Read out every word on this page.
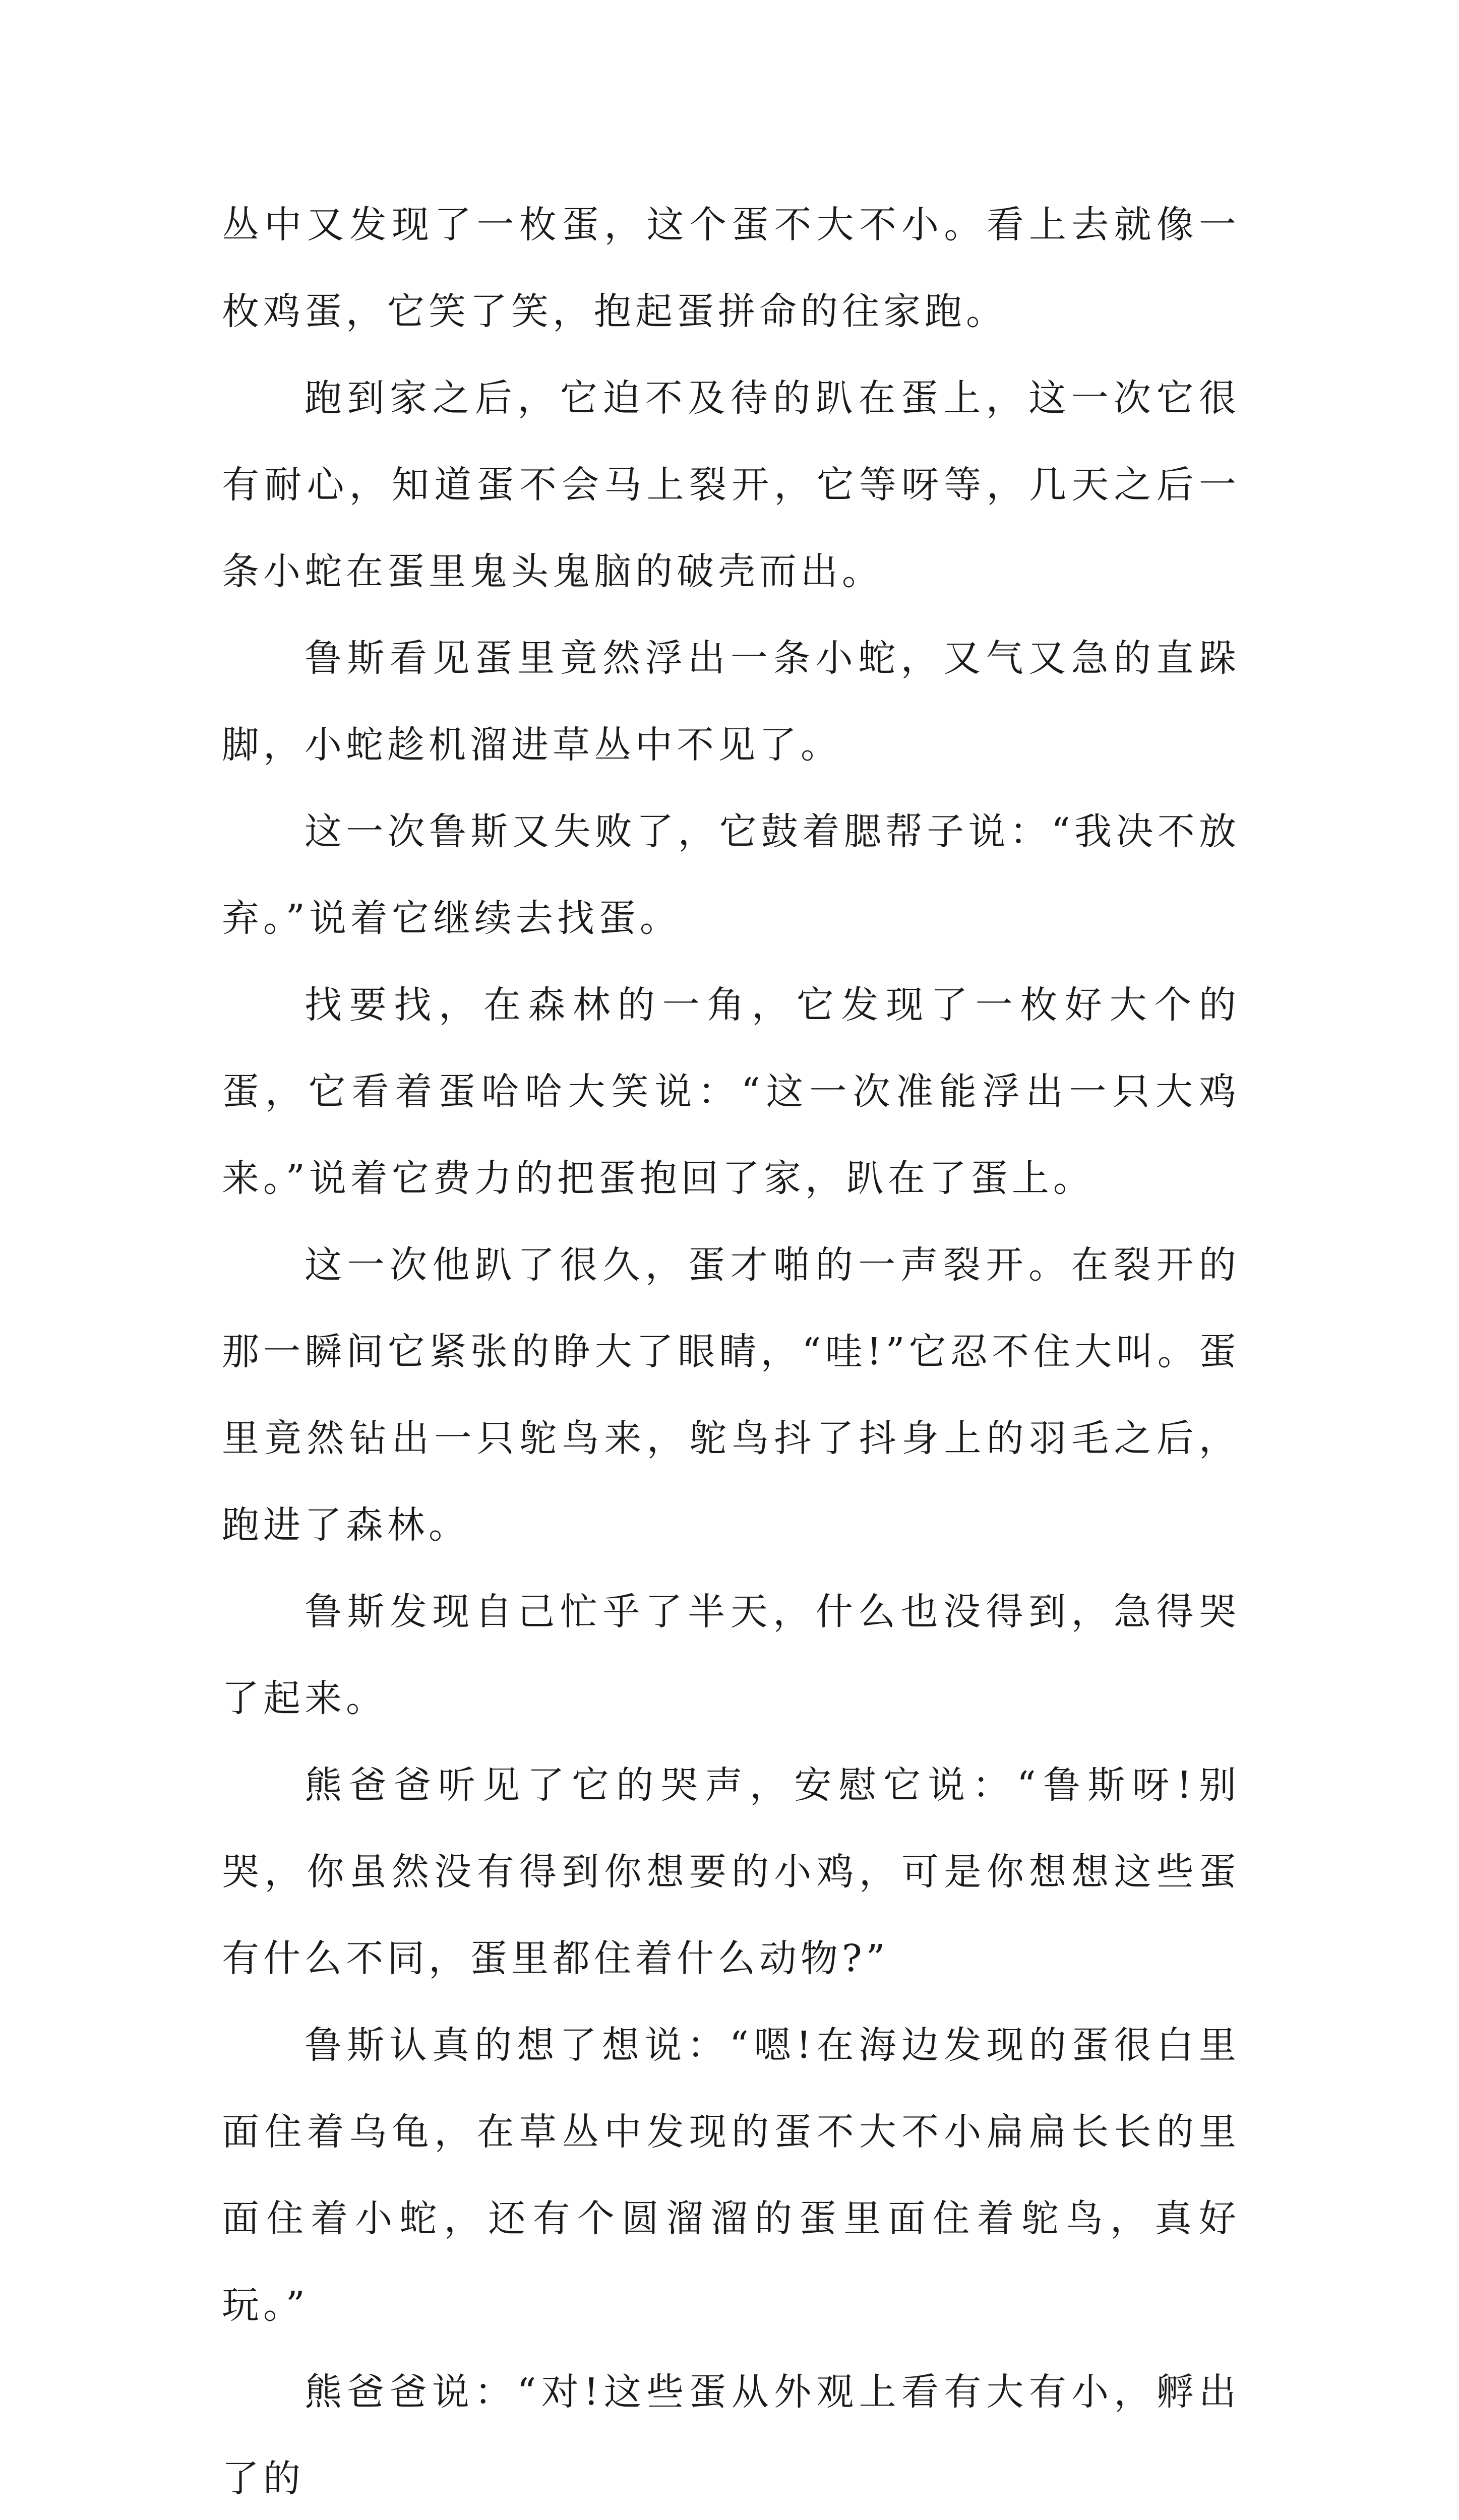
丛中又发现了一枚蛋，这个蛋不大不小。看上去就像一枚鸡蛋，它笑了笑，抱起蛋拼命的往家跑。

跑到家之后，它迫不及待的趴在蛋上，这一次它很有耐心，知道蛋不会马上裂开，它等呀等，几天之后一条小蛇在蛋里鬼头鬼脑的破壳而出。

鲁斯看见蛋里竟然浮出一条小蛇，又气又急的直跺脚，小蛇趁机溜进草丛中不见了。

这一次鲁斯又失败了，它鼓着腮帮子说：“我决不放弃。”说着它继续去找蛋。

找要找，在森林的一角，它发现了一枚好大个的蛋，它看着蛋哈哈大笑说：“这一次准能浮出一只大鸡来。”说着它费力的把蛋抱回了家，趴在了蛋上。

这一次他趴了很久，蛋才啪的一声裂开。在裂开的那一瞬间它紧张的睁大了眼睛，“哇!”它忍不住大叫。蛋里竟然钻出一只鸵鸟来，鸵鸟抖了抖身上的羽毛之后，跑进了森林。

鲁斯发现自己忙乎了半天，什么也没得到，急得哭了起来。

熊爸爸听见了它的哭声，安慰它说：“鲁斯呀!别哭，你虽然没有得到你想要的小鸡，可是你想想这些蛋有什么不同，蛋里都住着什么动物?”

鲁斯认真的想了想说：“嗯!在海边发现的蛋很白里面住着乌龟，在草丛中发现的蛋不大不小扁扁长长的里面住着小蛇，还有个圆溜溜的蛋里面住着鸵鸟，真好玩。”

熊爸爸说：“对!这些蛋从外观上看有大有小，孵出了的
